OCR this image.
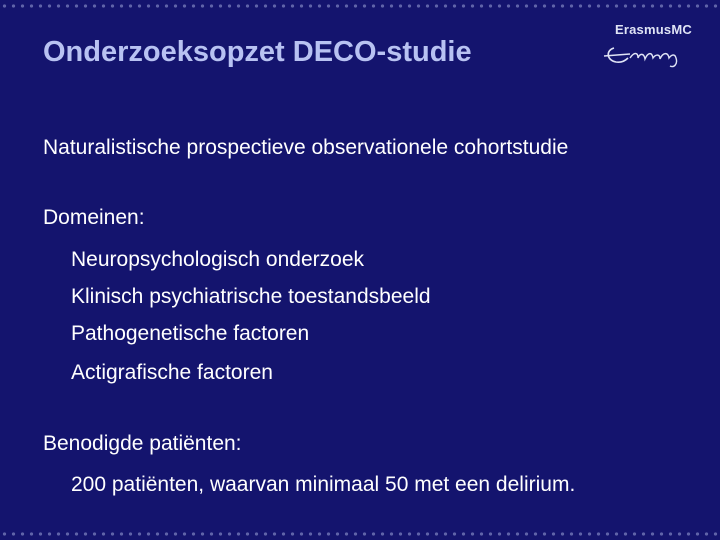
Onderzoeksopzet DECO-studie
ErasmusMC
Naturalistische prospectieve observationele cohortstudie
Domeinen:
Neuropsychologisch onderzoek
Klinisch psychiatrische toestandsbeeld
Pathogenetische factoren
Actigrafische factoren
Benodigde patiënten:
200 patiënten, waarvan minimaal 50 met een delirium.
